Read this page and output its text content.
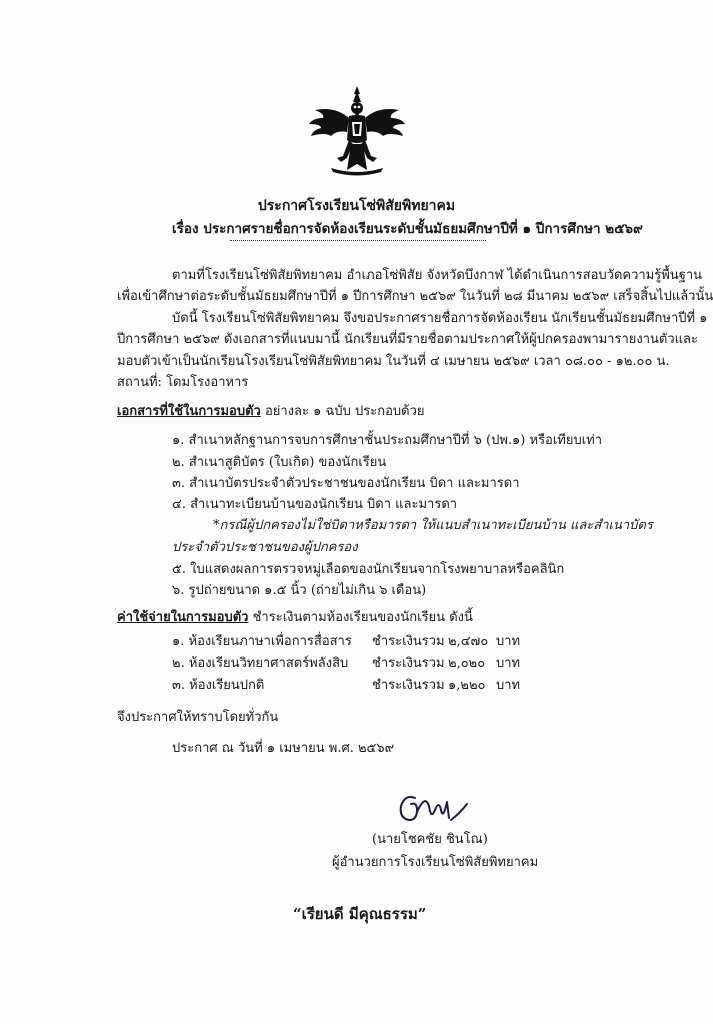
ประกาศโรงเรียนโซ่พิสัยพิทยาคม
เรื่อง ประกาศรายชื่อการจัดห้องเรียนระดับชั้นมัธยมศึกษาปีที่ ๑ ปีการศึกษา ๒๕๖๙
ตามที่โรงเรียนโซ่พิสัยพิทยาคม อำเภอโซ่พิสัย จังหวัดบึงกาฬ ได้ดำเนินการสอบวัดความรู้พื้นฐาน
เพื่อเข้าศึกษาต่อระดับชั้นมัธยมศึกษาปีที่ ๑ ปีการศึกษา ๒๕๖๙ ในวันที่ ๒๘ มีนาคม ๒๕๖๙ เสร็จสิ้นไปแล้วนั้น
บัดนี้ โรงเรียนโซ่พิสัยพิทยาคม จึงขอประกาศรายชื่อการจัดห้องเรียน นักเรียนชั้นมัธยมศึกษาปีที่ ๑
ปีการศึกษา ๒๕๖๙ ดังเอกสารที่แนบมานี้ นักเรียนที่มีรายชื่อตามประกาศให้ผู้ปกครองพามารายงานตัวและ
มอบตัวเข้าเป็นนักเรียนโรงเรียนโซ่พิสัยพิทยาคม ในวันที่ ๔ เมษายน ๒๕๖๙ เวลา ๐๘.๐๐ - ๑๒.๐๐ น.
สถานที่: โดมโรงอาหาร
เอกสารที่ใช้ในการมอบตัว อย่างละ ๑ ฉบับ ประกอบด้วย
๑. สำเนาหลักฐานการจบการศึกษาชั้นประถมศึกษาปีที่ ๖ (ปพ.๑) หรือเทียบเท่า
๒. สำเนาสูติบัตร (ใบเกิด) ของนักเรียน
๓. สำเนาบัตรประจำตัวประชาชนของนักเรียน บิดา และมารดา
๔. สำเนาทะเบียนบ้านของนักเรียน บิดา และมารดา
*กรณีผู้ปกครองไม่ใช่บิดาหรือมารดา ให้แนบสำเนาทะเบียนบ้าน และสำเนาบัตร
ประจำตัวประชาชนของผู้ปกครอง
๕. ใบแสดงผลการตรวจหมู่เลือดของนักเรียนจากโรงพยาบาลหรือคลินิก
๖. รูปถ่ายขนาด ๑.๕ นิ้ว (ถ่ายไม่เกิน ๖ เดือน)
ค่าใช้จ่ายในการมอบตัว ชำระเงินตามห้องเรียนของนักเรียน ดังนี้
๑. ห้องเรียนภาษาเพื่อการสื่อสาร ชำระเงินรวม ๒,๔๗๐ บาท
๒. ห้องเรียนวิทยาศาสตร์พลังสิบ ชำระเงินรวม ๒,๐๒๐ บาท
๓. ห้องเรียนปกติ	ชำระเงินรวม ๑,๒๒๐ บาท
จึงประกาศให้ทราบโดยทั่วกัน
ประกาศ ณ วันที่ ๑ เมษายน พ.ศ. ๒๕๖๙
(นายโชคชัย ชินโณ)
ผู้อำนวยการโรงเรียนโซ่พิสัยพิทยาคม
“เรียนดี มีคุณธรรม”
